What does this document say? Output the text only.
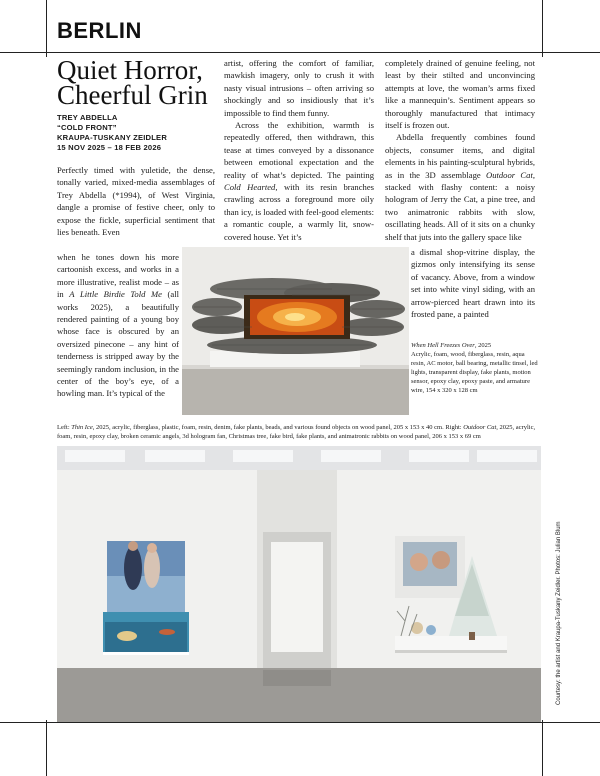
BERLIN
Quiet Horror,
Cheerful Grin
TREY ABDELLA
“COLD FRONT”
KRAUPA-TUSKANY ZEIDLER
15 NOV 2025 – 18 FEB 2026

Perfectly timed with yuletide, the dense, tonally varied, mixed-media assemblages of Trey Abdella (*1994), of West Virginia, dangle a promise of festive cheer, only to expose the fickle, superficial sentiment that lies beneath. Even

when he tones down his more cartoonish excess, and works in a more illustrative, realist mode – as in A Little Birdie Told Me (all works 2025), a beautifully rendered painting of a young boy whose face is obscured by an oversized pinecone – any hint of tenderness is stripped away by the seemingly random inclusion, in the center of the boy’s eye, of a howling man. It’s typical of the

artist, offering the comfort of familiar, mawkish imagery, only to crush it with nasty visual intrusions – often arriving so shockingly and so insidiously that it’s impossible to find them funny.

Across the exhibition, warmth is repeatedly offered, then withdrawn, this tease at times conveyed by a dissonance between emotional expectation and the reality of what’s depicted. The painting Cold Hearted, with its resin branches crawling across a foreground more oily than icy, is loaded with feel-good elements: a romantic couple, a warmly lit, snow-covered house. Yet it’s

completely drained of genuine feeling, not least by their stilted and unconvincing attempts at love, the woman’s arms fixed like a mannequin’s. Sentiment appears so thoroughly manufactured that intimacy itself is frozen out.

Abdella frequently combines found objects, consumer items, and digital elements in his painting-sculptural hybrids, as in the 3D assemblage Outdoor Cat, stacked with flashy content: a noisy hologram of Jerry the Cat, a pine tree, and two animatronic rabbits with slow, oscillating heads. All of it sits on a chunky shelf that juts into the gallery space like

a dismal shop-vitrine display, the gizmos only intensifying its sense of vacancy. Above, from a window set into white vinyl siding, with an arrow-pierced heart drawn into its frosted pane, a painted

When Hell Freezes Over, 2025
Acrylic, foam, wood, fiberglass, resin, aqua resin, AC motor, ball bearing, metallic tinsel, led lights, transparent display, fake plants, motion sensor, epoxy clay, epoxy paste, and armature wire, 154 x 320 x 128 cm
Left: Thin Ice, 2025, acrylic, fiberglass, plastic, foam, resin, denim, fake plants, beads, and various found objects on wood panel, 205 x 153 x 40 cm. Right: Outdoor Cat, 2025, acrylic, foam, resin, epoxy clay, broken ceramic angels, 3d hologram fan, Christmas tree, fake bird, fake plants, and animatronic rabbits on wood panel, 206 x 153 x 69 cm
Courtesy: the artist and Kraupa-Tuskany Zeidler. Photos: Julian Blum
